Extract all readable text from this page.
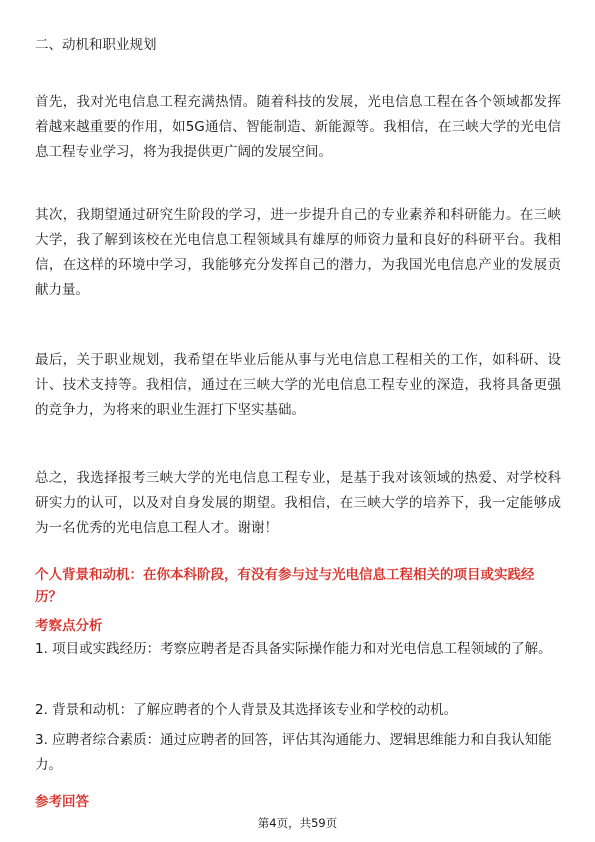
二、动机和职业规划

首先，我对光电信息工程充满热情。随着科技的发展，光电信息工程在各个领域都发挥着越来越重要的作用，如5G通信、智能制造、新能源等。我相信，在三峡大学的光电信息工程专业学习，将为我提供更广阔的发展空间。

其次，我期望通过研究生阶段的学习，进一步提升自己的专业素养和科研能力。在三峡大学，我了解到该校在光电信息工程领域具有雄厚的师资力量和良好的科研平台。我相信，在这样的环境中学习，我能够充分发挥自己的潜力，为我国光电信息产业的发展贡献力量。

最后，关于职业规划，我希望在毕业后能从事与光电信息工程相关的工作，如科研、设计、技术支持等。我相信，通过在三峡大学的光电信息工程专业的深造，我将具备更强的竞争力，为将来的职业生涯打下坚实基础。

总之，我选择报考三峡大学的光电信息工程专业，是基于我对该领域的热爱、对学校科研实力的认可，以及对自身发展的期望。我相信，在三峡大学的培养下，我一定能够成为一名优秀的光电信息工程人才。谢谢！

个人背景和动机：在你本科阶段，有没有参与过与光电信息工程相关的项目或实践经历？
考察点分析
1. 项目或实践经历：考察应聘者是否具备实际操作能力和对光电信息工程领域的了解。
2. 背景和动机：了解应聘者的个人背景及其选择该专业和学校的动机。
3. 应聘者综合素质：通过应聘者的回答，评估其沟通能力、逻辑思维能力和自我认知能力。
参考回答
第4页，共59页
